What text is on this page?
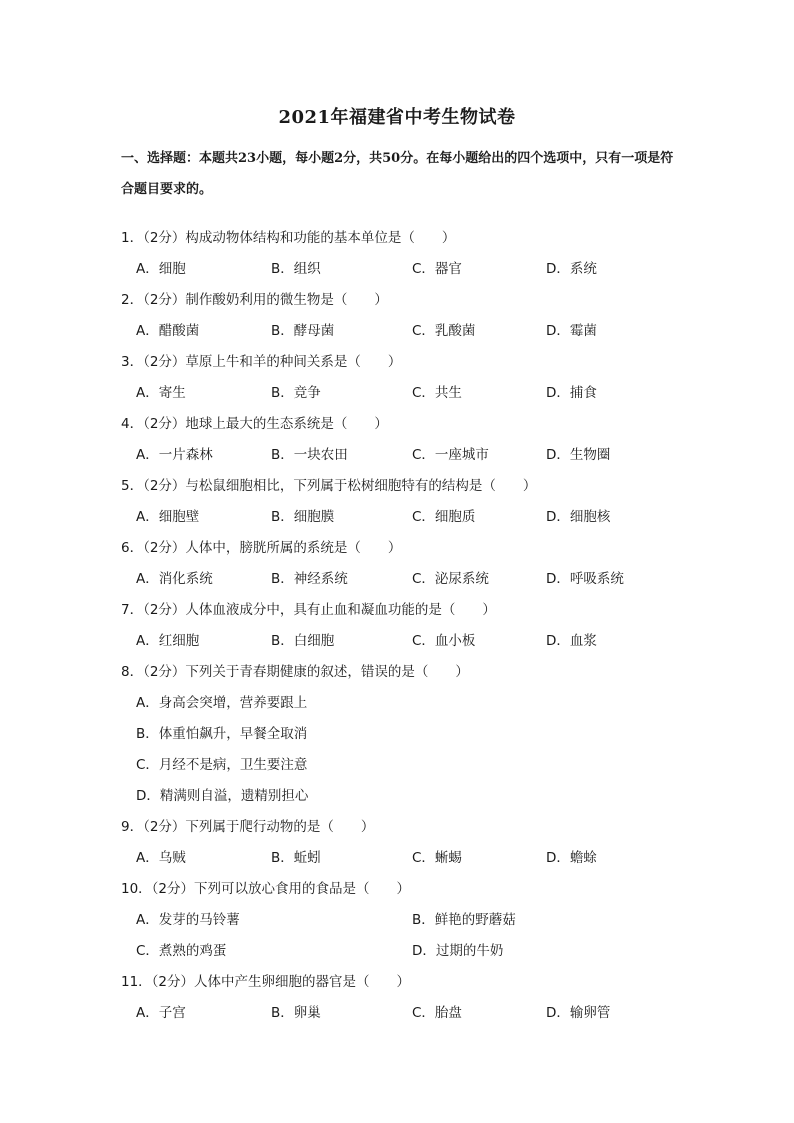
2021年福建省中考生物试卷
一、选择题：本题共23小题，每小题2分，共50分。在每小题给出的四个选项中，只有一项是符合题目要求的。
1．（2分）构成动物体结构和功能的基本单位是（　　）
A．细胞	B．组织	C．器官	D．系统
2．（2分）制作酸奶利用的微生物是（　　）
A．醋酸菌	B．酵母菌	C．乳酸菌	D．霉菌
3．（2分）草原上牛和羊的种间关系是（　　）
A．寄生	B．竞争	C．共生	D．捕食
4．（2分）地球上最大的生态系统是（　　）
A．一片森林	B．一块农田	C．一座城市	D．生物圈
5．（2分）与松鼠细胞相比，下列属于松树细胞特有的结构是（　　）
A．细胞壁	B．细胞膜	C．细胞质	D．细胞核
6．（2分）人体中，膀胱所属的系统是（　　）
A．消化系统	B．神经系统	C．泌尿系统	D．呼吸系统
7．（2分）人体血液成分中，具有止血和凝血功能的是（　　）
A．红细胞	B．白细胞	C．血小板	D．血浆
8．（2分）下列关于青春期健康的叙述，错误的是（　　）
A．身高会突增，营养要跟上
B．体重怕飙升，早餐全取消
C．月经不是病，卫生要注意
D．精满则自溢，遗精别担心
9．（2分）下列属于爬行动物的是（　　）
A．乌贼	B．蚯蚓	C．蜥蜴	D．蟾蜍
10．（2分）下列可以放心食用的食品是（　　）
A．发芽的马铃薯	B．鲜艳的野蘑菇
C．煮熟的鸡蛋	D．过期的牛奶
11．（2分）人体中产生卵细胞的器官是（　　）
A．子宫	B．卵巢	C．胎盘	D．输卵管
